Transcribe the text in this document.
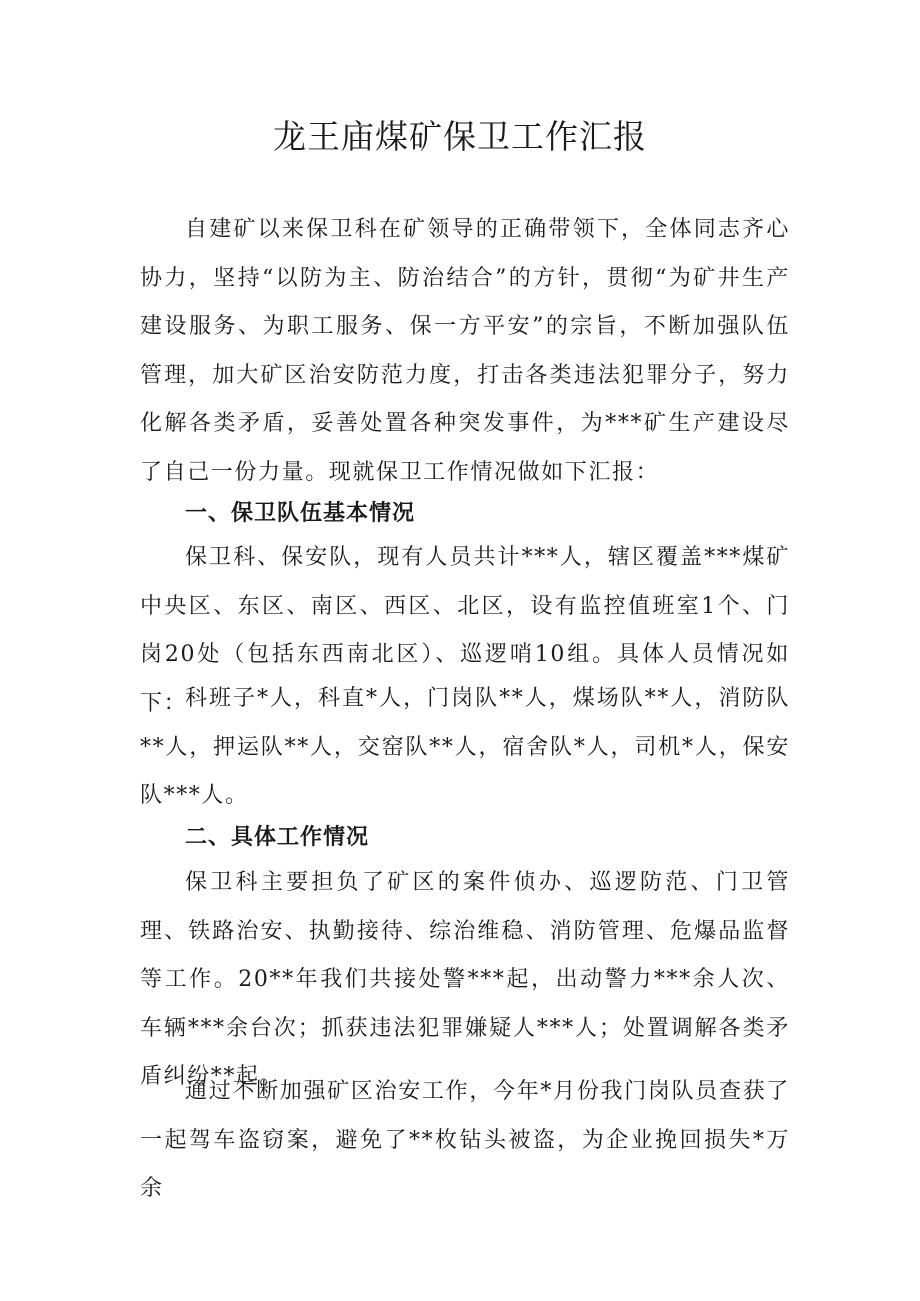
龙王庙煤矿保卫工作汇报

自建矿以来保卫科在矿领导的正确带领下，全体同志齐心协力，坚持“以防为主、防治结合”的方针，贯彻“为矿井生产建设服务、为职工服务、保一方平安”的宗旨，不断加强队伍管理，加大矿区治安防范力度，打击各类违法犯罪分子，努力化解各类矛盾，妥善处置各种突发事件，为***矿生产建设尽了自己一份力量。现就保卫工作情况做如下汇报：

一、保卫队伍基本情况

保卫科、保安队，现有人员共计***人，辖区覆盖***煤矿中央区、东区、南区、西区、北区，设有监控值班室1个、门岗20处（包括东西南北区）、巡逻哨10组。具体人员情况如下：

科班子*人，科直*人，门岗队**人，煤场队**人，消防队**人，押运队**人，交窑队**人，宿舍队*人，司机*人，保安队***人。

二、具体工作情况

保卫科主要担负了矿区的案件侦办、巡逻防范、门卫管理、铁路治安、执勤接待、综治维稳、消防管理、危爆品监督等工作。20**年我们共接处警***起，出动警力***余人次、车辆***余台次；抓获违法犯罪嫌疑人***人；处置调解各类矛盾纠纷**起。

通过不断加强矿区治安工作，今年*月份我门岗队员查获了一起驾车盗窃案，避免了**枚钻头被盗，为企业挽回损失*万余
